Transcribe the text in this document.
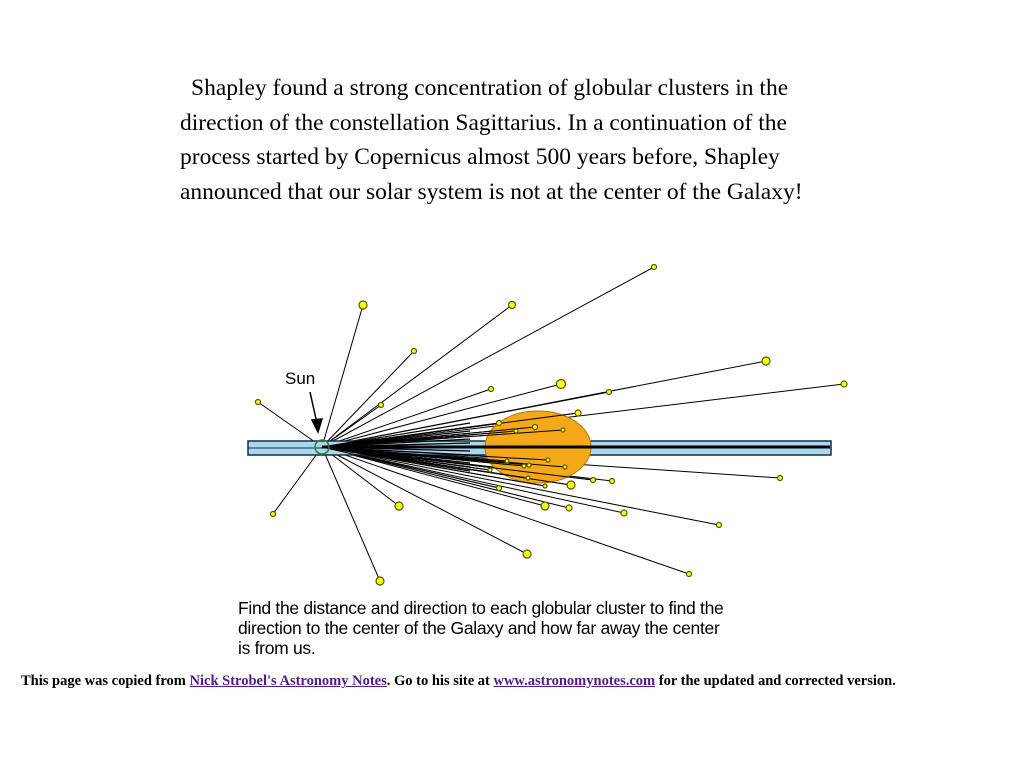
Shapley found a strong concentration of globular clusters in the
direction of the constellation Sagittarius. In a continuation of the
process started by Copernicus almost 500 years before, Shapley
announced that our solar system is not at the center of the Galaxy!
Sun
Find the distance and direction to each globular cluster to find the
direction to the center of the Galaxy and how far away the center
is from us.

This page was copied from Nick Strobel's Astronomy Notes. Go to his site at www.astronomynotes.com for the updated and corrected version.
